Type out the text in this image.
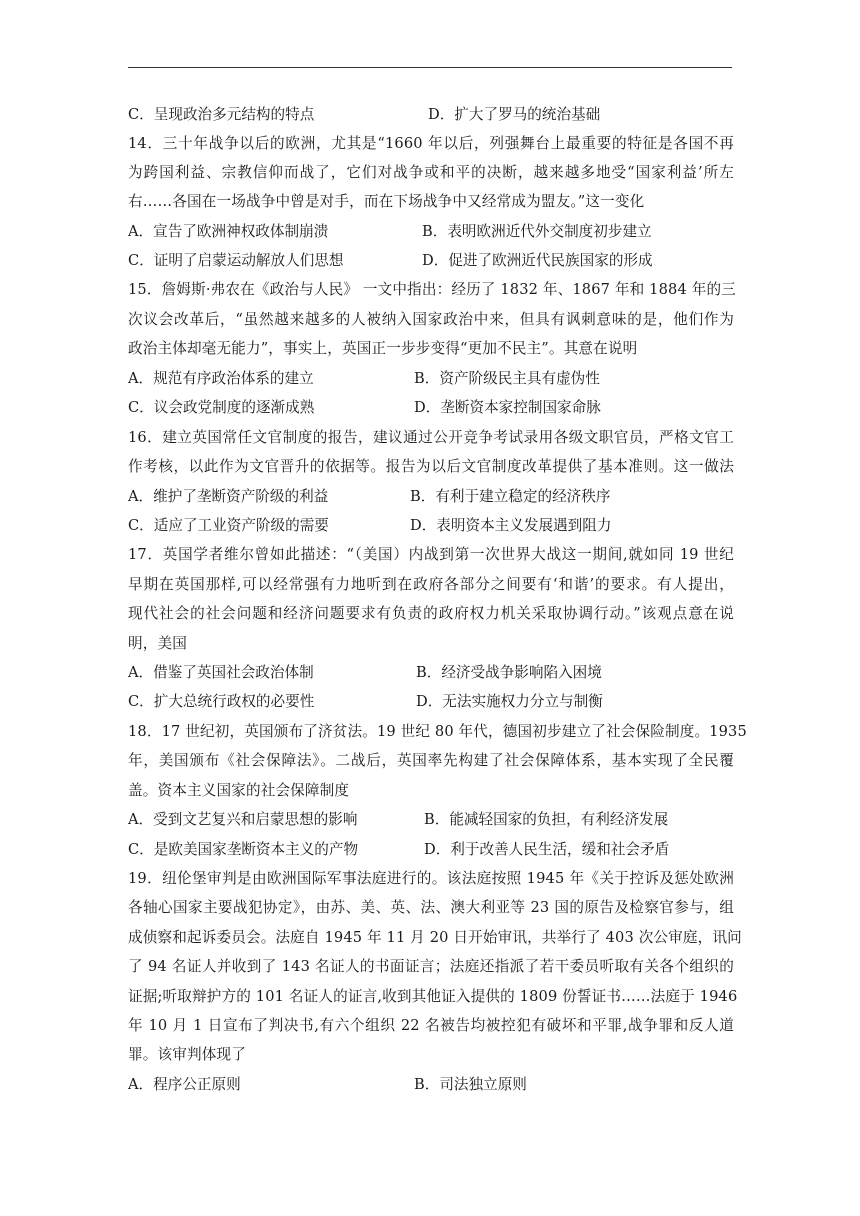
C．呈现政治多元结构的特点	D．扩大了罗马的统治基础
14．三十年战争以后的欧洲，尤其是“1660 年以后，列强舞台上最重要的特征是各国不再
为跨国利益、宗教信仰而战了，它们对战争或和平的决断，越来越多地受“国家利益’所左
右……各国在一场战争中曾是对手，而在下场战争中又经常成为盟友。”这一变化
A．宣告了欧洲神权政体制崩溃	B．表明欧洲近代外交制度初步建立
C．证明了启蒙运动解放人们思想	D．促进了欧洲近代民族国家的形成
15．詹姆斯·弗农在《政治与人民》 一文中指出：经历了 1832 年、1867 年和 1884 年的三
次议会改革后，“虽然越来越多的人被纳入国家政治中来，但具有讽刺意味的是，他们作为
政治主体却毫无能力”，事实上，英国正一步步变得“更加不民主”。其意在说明
A．规范有序政治体系的建立	B．资产阶级民主具有虚伪性
C．议会政党制度的逐渐成熟	D．垄断资本家控制国家命脉
16．建立英国常任文官制度的报告，建议通过公开竞争考试录用各级文职官员，严格文官工
作考核，以此作为文官晋升的依据等。报告为以后文官制度改革提供了基本准则。这一做法
A．维护了垄断资产阶级的利益	B．有利于建立稳定的经济秩序
C．适应了工业资产阶级的需要	D．表明资本主义发展遇到阻力
17．英国学者维尔曾如此描述：“（美国）内战到第一次世界大战这一期间,就如同 19 世纪
早期在英国那样,可以经常强有力地听到在政府各部分之间要有‘和谐’的要求。有人提出，
现代社会的社会问题和经济问题要求有负责的政府权力机关采取协调行动。”该观点意在说
明，美国
A．借鉴了英国社会政治体制	B．经济受战争影响陷入困境
C．扩大总统行政权的必要性	D．无法实施权力分立与制衡
18．17 世纪初，英国颁布了济贫法。19 世纪 80 年代，德国初步建立了社会保险制度。1935
年，美国颁布《社会保障法》。二战后，英国率先构建了社会保障体系，基本实现了全民覆
盖。资本主义国家的社会保障制度
A．受到文艺复兴和启蒙思想的影响	B．能减轻国家的负担，有利经济发展
C．是欧美国家垄断资本主义的产物	D．利于改善人民生活，缓和社会矛盾
19．纽伦堡审判是由欧洲国际军事法庭进行的。该法庭按照 1945 年《关于控诉及惩处欧洲
各轴心国家主要战犯协定》，由苏、美、英、法、澳大利亚等 23 国的原告及检察官参与，组
成侦察和起诉委员会。法庭自 1945 年 11 月 20 日开始审讯，共举行了 403 次公审庭，讯问
了 94 名证人并收到了 143 名证人的书面证言；法庭还指派了若干委员听取有关各个组织的
证据;听取辩护方的 101 名证人的证言,收到其他证入提供的 1809 份誓证书……法庭于 1946
年 10 月 1 日宣布了判决书,有六个组织 22 名被告均被控犯有破坏和平罪,战争罪和反人道
罪。该审判体现了
A．程序公正原则	B．司法独立原则
